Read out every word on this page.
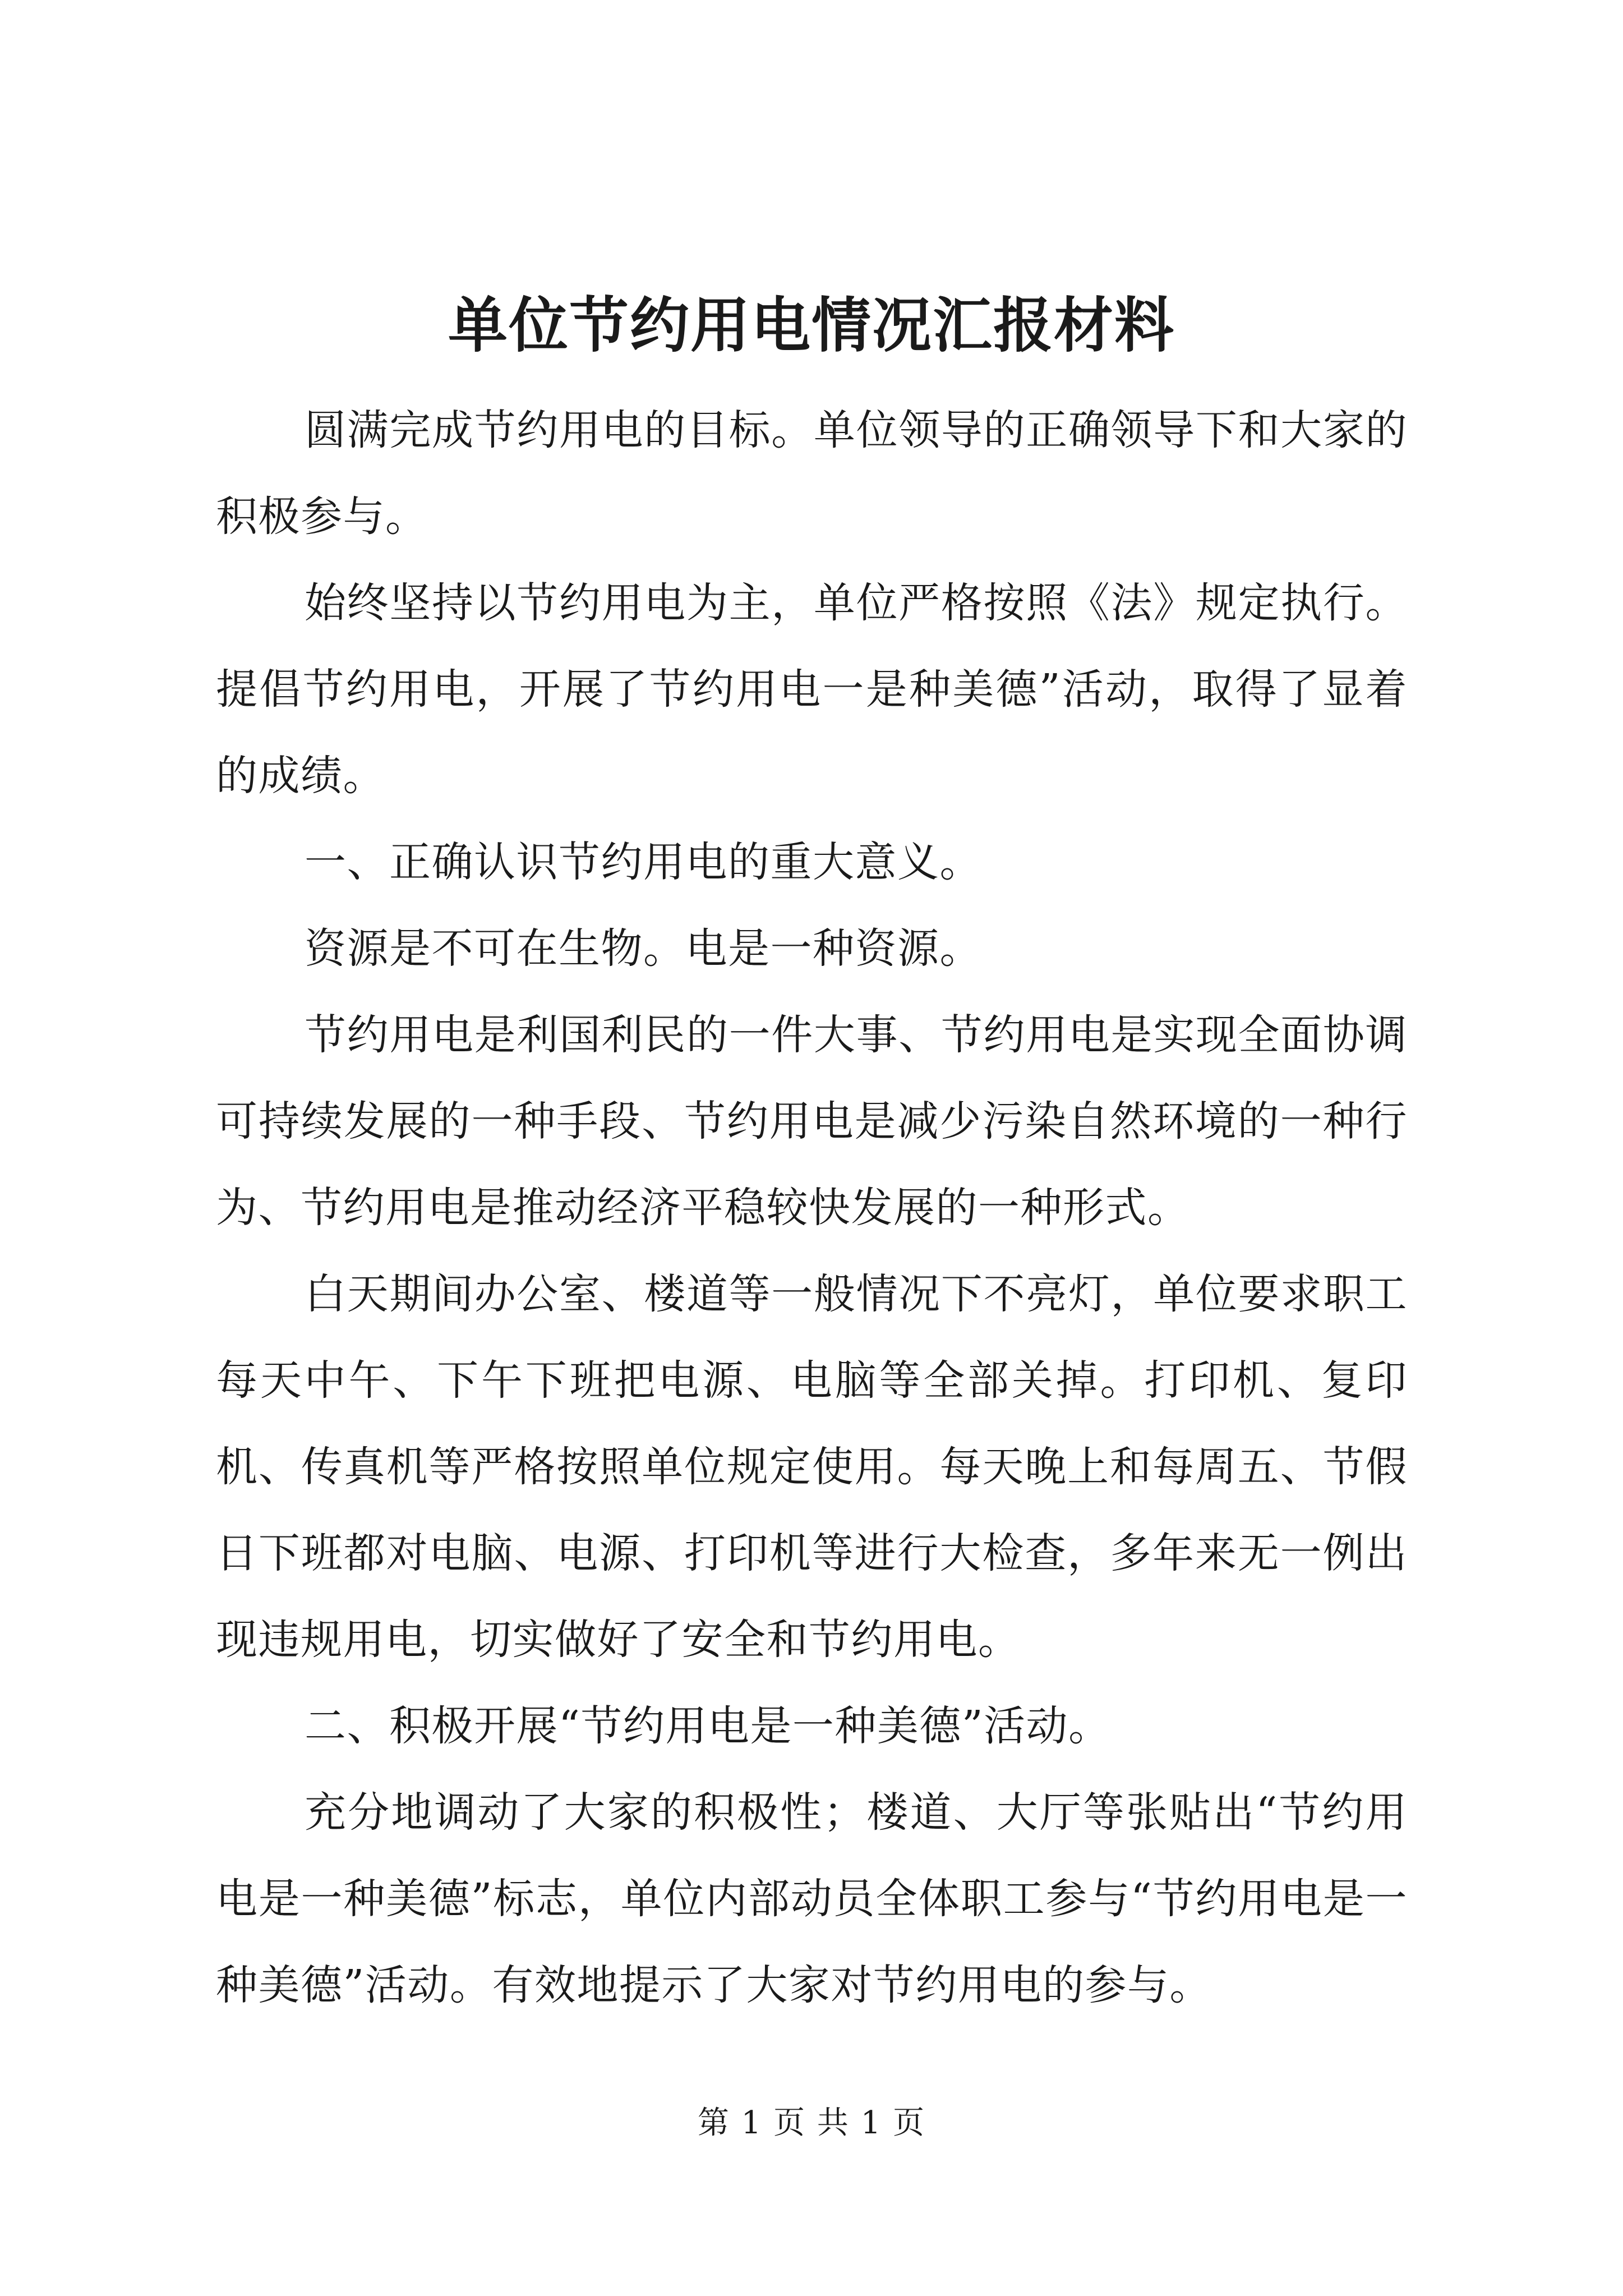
单位节约用电情况汇报材料

圆满完成节约用电的目标。单位领导的正确领导下和大家的积极参与。

始终坚持以节约用电为主，单位严格按照《法》规定执行。提倡节约用电，开展了节约用电一是种美德”活动，取得了显着的成绩。

一、正确认识节约用电的重大意义。

资源是不可在生物。电是一种资源。

节约用电是利国利民的一件大事、节约用电是实现全面协调可持续发展的一种手段、节约用电是减少污染自然环境的一种行为、节约用电是推动经济平稳较快发展的一种形式。

白天期间办公室、楼道等一般情况下不亮灯，单位要求职工每天中午、下午下班把电源、电脑等全部关掉。打印机、复印机、传真机等严格按照单位规定使用。每天晚上和每周五、节假日下班都对电脑、电源、打印机等进行大检查，多年来无一例出现违规用电，切实做好了安全和节约用电。

二、积极开展“节约用电是一种美德”活动。

充分地调动了大家的积极性；楼道、大厅等张贴出“节约用电是一种美德”标志，单位内部动员全体职工参与“节约用电是一种美德”活动。有效地提示了大家对节约用电的参与。

第 1 页 共 1 页
